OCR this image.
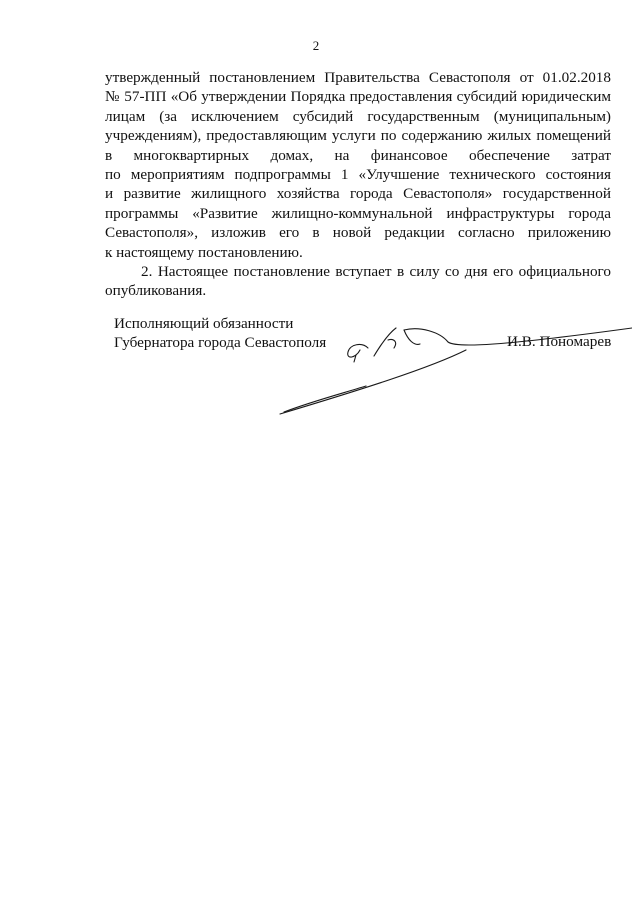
2
утвержденный постановлением Правительства Севастополя от 01.02.2018
№ 57-ПП «Об утверждении Порядка предоставления субсидий юридическим
лицам (за исключением субсидий государственным (муниципальным)
учреждениям), предоставляющим услуги по содержанию жилых помещений
в многоквартирных домах, на финансовое обеспечение затрат
по мероприятиям подпрограммы 1 «Улучшение технического состояния
и развитие жилищного хозяйства города Севастополя» государственной
программы «Развитие жилищно-коммунальной инфраструктуры города
Севастополя», изложив его в новой редакции согласно приложению
к настоящему постановлению.
2. Настоящее постановление вступает в силу со дня его официального
опубликования.
Исполняющий обязанности
Губернатора города Севастополя	И.В. Пономарев
